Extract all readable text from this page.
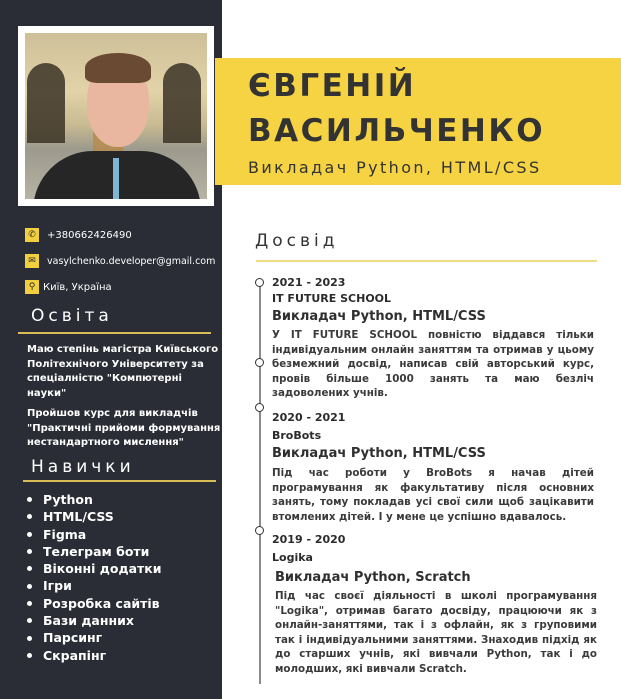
✆	+380662426490
✉	vasylchenko.developer@gmail.com
⚲ Київ, Україна
Освіта
Маю степінь магістра Київського Політехнічого Університету за спеціалністю "Компютерні науки"
Пройшов курс для викладчів "Практичні прийоми формування нестандартного мислення"
Навички
Python
HTML/CSS
Figma
Телеграм боти
Віконні додатки
Ігри
Розробка сайтів
Бази данних
Парсинг
Скрапінг
ЄВГЕНІЙ
ВАСИЛЬЧЕНКО
Викладач Python, HTML/CSS
Досвід
2021 - 2023
IT FUTURE SCHOOL
Викладач Python, HTML/CSS
У IT FUTURE SCHOOL повністю віддався тільки індивідуальним онлайн заняттям та отримав у цьому безмежний досвід, написав свій авторський курс, провів більше 1000 занять та маю безліч задоволених учнів.
2020 - 2021
BroBots
Викладач Python, HTML/CSS
Під час роботи у BroBots я начав дітей програмування як факультативу після основних занять, тому покладав усі свої сили щоб зацікавити втомлених дітей. І у мене це успішно вдавалось.
2019 - 2020
Logika
Викладач Python, Scratch
Під час своєї діяльності в школі програмування "Logika", отримав багато досвіду, працюючи як з онлайн-заняттями, так і з офлайн, як з груповими так і індивідуальними заняттями. Знаходив підхід як до старших учнів, які вивчали Python, так і до молодших, які вивчали Scratch.
